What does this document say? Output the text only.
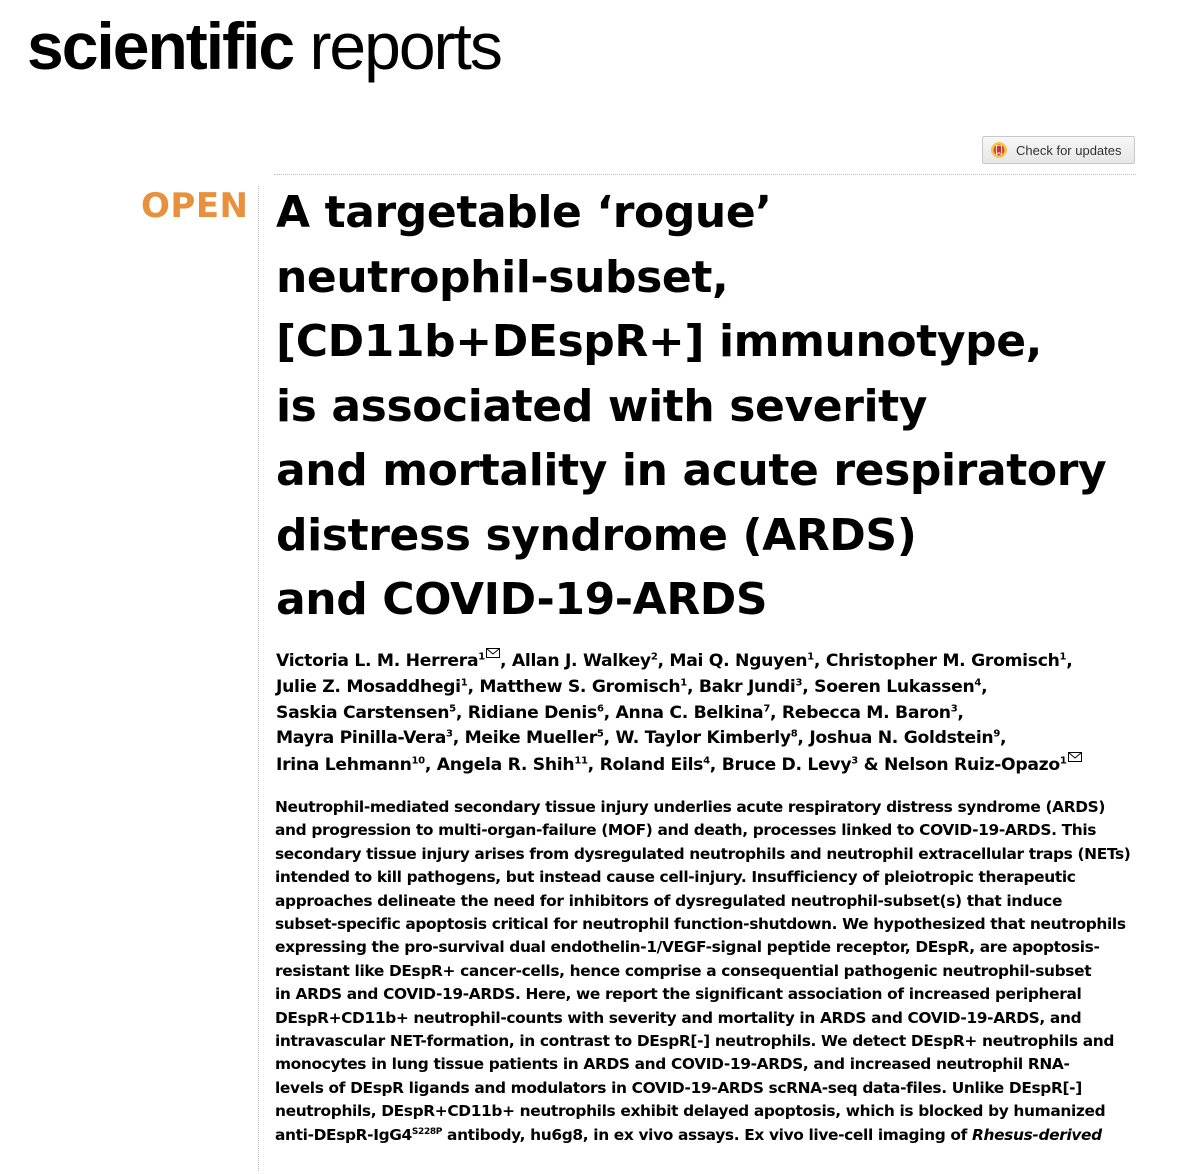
scientific reports
Check for updates
OPEN A targetable ‘rogue’
neutrophil-subset,
[CD11b+DEspR+] immunotype,
is associated with severity
and mortality in acute respiratory
distress syndrome (ARDS)
and COVID-19-ARDS
Victoria L. M. Herrera$^1$ , Allan J. Walkey$^2$, Mai Q. Nguyen$^1$, Christopher M. Gromisch$^1$,
Julie Z. Mosaddhegi$^1$, Matthew S. Gromisch$^1$, Bakr Jundi$^3$, Soeren Lukassen$^4$,
Saskia Carstensen$^5$, Ridiane Denis$^6$, Anna C. Belkina$^7$, Rebecca M. Baron$^3$,
Mayra Pinilla-Vera$^3$, Meike Mueller$^5$, W. Taylor Kimberly$^8$, Joshua N. Goldstein$^9$,
Irina Lehmann$^{10}$, Angela R. Shih$^{11}$, Roland Eils$^4$, Bruce D. Levy$^3$ & Nelson Ruiz-Opazo$^1$
Neutrophil-mediated secondary tissue injury underlies acute respiratory distress syndrome (ARDS)
and progression to multi-organ-failure (MOF) and death, processes linked to COVID-19-ARDS. This
secondary tissue injury arises from dysregulated neutrophils and neutrophil extracellular traps (NETs)
intended to kill pathogens, but instead cause cell-injury. Insufficiency of pleiotropic therapeutic
approaches delineate the need for inhibitors of dysregulated neutrophil-subset(s) that induce
subset-specific apoptosis critical for neutrophil function-shutdown. We hypothesized that neutrophils
expressing the pro-survival dual endothelin-1/VEGF-signal peptide receptor, DEspR, are apoptosis-
resistant like DEspR+ cancer-cells, hence comprise a consequential pathogenic neutrophil-subset
in ARDS and COVID-19-ARDS. Here, we report the significant association of increased peripheral
DEspR+CD11b+ neutrophil-counts with severity and mortality in ARDS and COVID-19-ARDS, and
intravascular NET-formation, in contrast to DEspR[-] neutrophils. We detect DEspR+ neutrophils and
monocytes in lung tissue patients in ARDS and COVID-19-ARDS, and increased neutrophil RNA-
levels of DEspR ligands and modulators in COVID-19-ARDS scRNA-seq data-files. Unlike DEspR[-]
neutrophils, DEspR+CD11b+ neutrophils exhibit delayed apoptosis, which is blocked by humanized
anti-$DEspR-IgG4^{S228P}$ antibody, hu6g8, in ex vivo assays. Ex vivo live-cell imaging of Rhesus-derived
